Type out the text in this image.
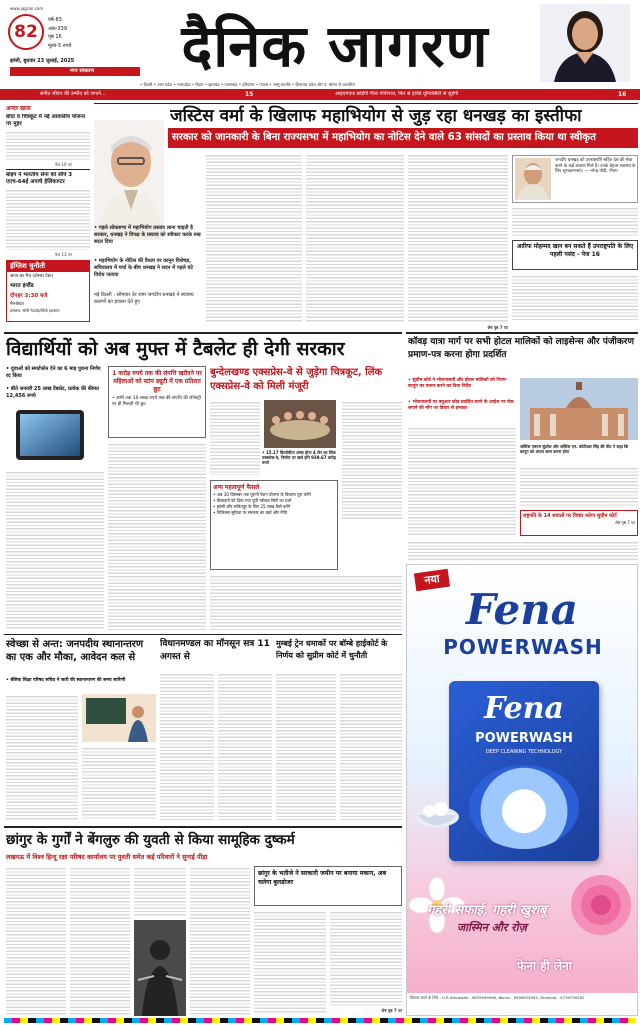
www.jagran.com
82
वर्ष-83
अंक-339
पृष्ठ 16
मूल्य-5 रुपये
झांसी, बुधवार 23 जुलाई, 2025
नगर संस्करण	दैनिक जागरण
• दिल्ली • उत्तर प्रदेश • मध्यप्रदेश • बिहार • झारखंड • उत्तराखंड • हरियाणा • पंजाब • जम्मू-कश्मीर • हिमाचल प्रदेश और पं. बंगाल से प्रकाशित
संगीत जीवन की उम्मीद को जगाने...	15	आइएमएफ छोड़ेंगी गीता गोपीनाथ, फिर से हार्वर्ड यूनिवर्सिटी से जुड़ेंगी	16
अन्दर खास
बाँदा व चित्रकूट में नई आवासीय योजना पर मुहर
पेज 10 पर
बोइंग ने भारतीय सेना को सौंपे 3 एएच-64ई अपाचे हेलिकाप्टर
पेज 13 पर
इंग्लिश चुनौती
आज का मैच (दोसरा टेस्ट)
भारत इंग्लैंड
दोपहर 3:30 बजे
मैनचेस्टर
प्रसारण: सोनी नेटवर्क/जियो हाटस्टार
जस्टिस वर्मा के खिलाफ महाभियोग से जुड़ रहा धनखड़ का इस्तीफा
सरकार को जानकारी के बिना राज्यसभा में महाभियोग का नोटिस देने वाले 63 सांसदों का प्रस्ताव किया था स्वीकृत
• पहले लोकसभा में महाभियोग प्रस्ताव लाना चाहती है सरकार, धनखड़ ने विपक्ष के प्रस्ताव को स्वीकार करके रुख बदल दिया
• महाभियोग के नोटिस की वैधता पर कानून विशेषज्ञ, सचिवालय में चर्चा के बीच धनखड़ ने सदन में पहले घंटे विरोध जताया
नई दिल्ली : सोमवार देर शाम जगदीप धनखड़ ने स्वास्थ्य कारणों का हवाला देते हुए
जगदीप धनखड़ को उपराष्ट्रपति सहित देश की सेवा करने के कई अवसर मिले हैं। उनके बेहतर स्वास्थ्य के लिए शुभकामनाएं। — नरेन्द्र मोदी, पीएम
आरिफ मोहम्मद खान बन सकते हैं उपराष्ट्रपति के लिए पहली पसंद - पेज 16
शेष पृष्ठ 7 पर
विद्यार्थियों को अब मुफ्त में टैबलेट ही देगी सरकार
• युवाओं को स्मार्टफोन देने का 6 माह पुराना निर्णय रद किया
• बीते जनवरी 25 लाख टैबलेट, प्रत्येक की कीमत 12,456 रुपये
1 करोड़ रुपये तक की संपत्ति खरीदने पर महिलाओं को स्टांप ड्यूटी में एक प्रतिशत छूट
• अभी तक 10 लाख रुपये तक की संपत्ति की रजिस्ट्री पर ही मिलती थी छूट
बुन्देलखण्ड एक्सप्रेस-वे से जुड़ेगा चित्रकूट, लिंक एक्सप्रेस-वे को मिली मंजूरी
• 15.17 किलोमीटर लम्बा होगा 4 लेन का लिंक एक्सप्रेस-वे, निर्माण पर खर्च होंगे 939.67 करोड़ रुपये
अन्य महत्वपूर्ण फैसले
• अब 30 दिसम्बर तक पूरानी पेंशन योजना के विकल्प पूरा करेंगे
• डिजाइनों को दिया गया यूपी ग्लोबल सिटी का दर्जा
• झांसी और ललितपुर के लिए 25 लाख कैसे करेंगे
• चिकित्सा सुविधा पर सरकार का खर्च और नीति
कॉवड़ यात्रा मार्ग पर सभी होटल मालिकों को लाइसेन्स और पंजीकरण प्रमाण-पत्र करना होगा प्रदर्शित
• सुप्रीम कोर्ट ने भोजनालयों और होटल मालिकों को नियम-कानून का पालन करने का दिया निर्देश
• भोजनालयों पर क्यूआर कोड प्रदर्शित करने के आदेश पर रोक लगाने की माँग पर विचार से इनकार
जस्टिस एमएम सुंदरेश और जस्टिस एन. कोटीश्वर सिंह की पीठ ने कहा कि कानून को अपना काम करना होगा
राष्ट्रपति के 14 सवालों पर विचार करेगा सुप्रीम कोर्ट
शेष पृष्ठ 7 पर
स्वेच्छा से अन्त: जनपदीय स्थानान्तरण का एक और मौका, आवेदन कल से
• बेसिक शिक्षा परिषद सचिव ने जारी की स्थानान्तरण की समय सारिणी
विधानमण्डल का मॉनसून सत्र 11 अगस्त से
मुम्बई ट्रेन धमाकों पर बॉम्बे हाईकोर्ट के निर्णय को सुप्रीम कोर्ट में चुनौती
छांगुर के गुर्गों ने बेंगलुरु की युवती से किया सामूहिक दुष्कर्म
लखनऊ में विश्व हिन्दू रक्षा परिषद कार्यालय पर युवती समेत कई परिवारों ने सुनाई पीड़ा
छांगुर के भतीजे ने सरकारी जमीन पर बनाया मकान, अब चलेगा बुलडोजर
शेष पृष्ठ 7 पर
नया
Fena
POWERWASH
Fena
POWERWASH
DEEP CLEANING TECHNOLOGY
गहरी सफाई, गहरी खुशबू
जास्मिन और रोज़
फेना ही लेना
विस्तार करने के लिये : U.P. Amrawati - 9839999966, Berrai - 9599925995, Dhamraj - 6739799282
